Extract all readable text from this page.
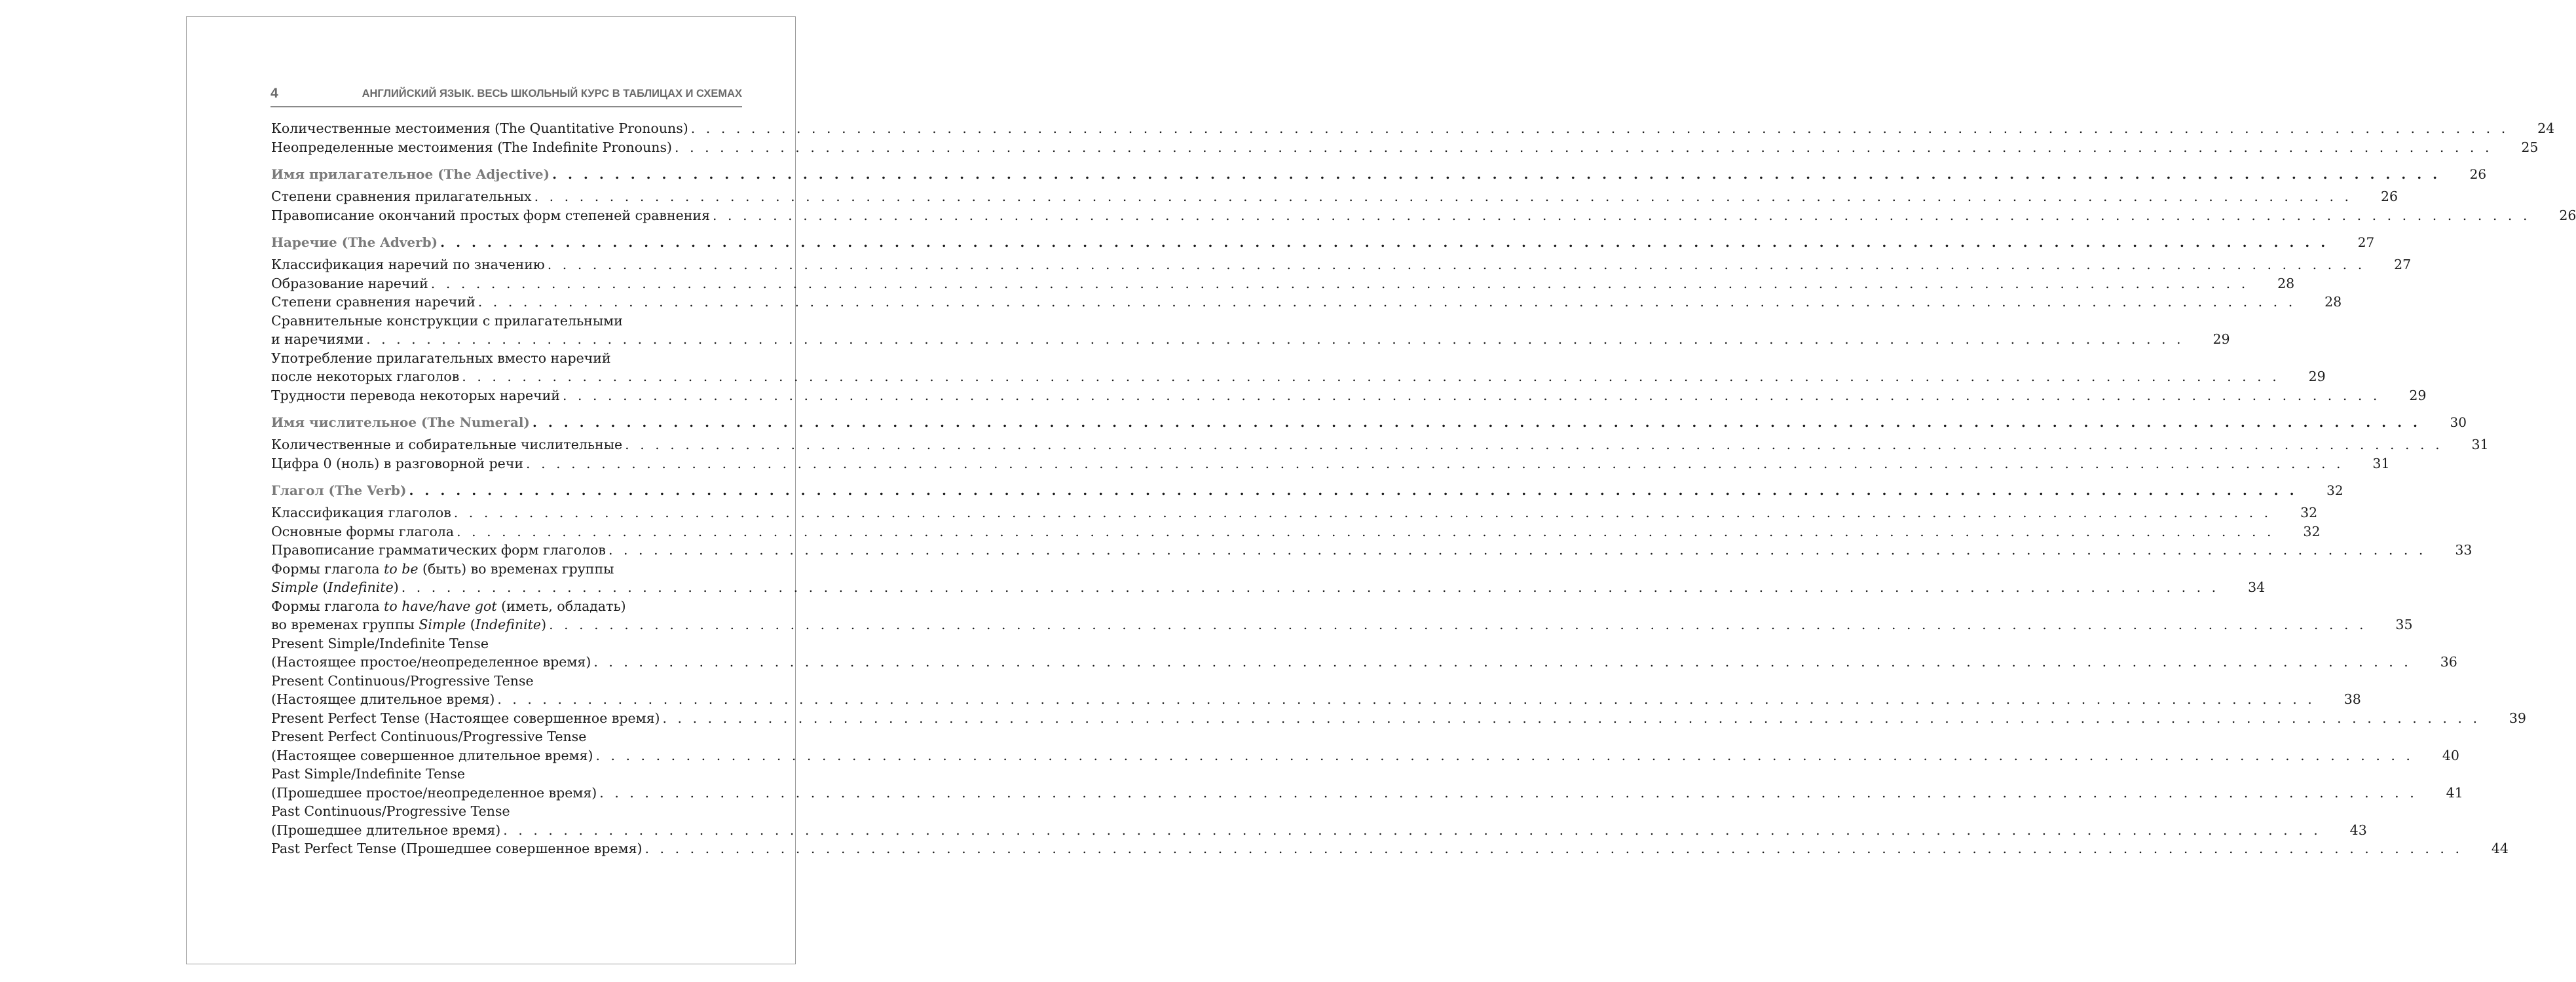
4	АНГЛИЙСКИЙ ЯЗЫК. ВЕСЬ ШКОЛЬНЫЙ КУРС В ТАБЛИЦАХ И СХЕМАХ
Количественные местоимения (The Quantitative Pronouns) . . .	24
Неопределенные местоимения (The Indefinite Pronouns) . . .	25
Имя прилагательное (The Adjective) . . .	26
Степени сравнения прилагательных . . .	26
Правописание окончаний простых форм степеней сравнения . . .	26
Наречие (The Adverb) . . .	27
Классификация наречий по значению . . .	27
Образование наречий . . .	28
Степени сравнения наречий . . .	28
Сравнительные конструкции с прилагательными
и наречиями . . .	29
Употребление прилагательных вместо наречий
после некоторых глаголов . . .	29
Трудности перевода некоторых наречий . . .	29
Имя числительное (The Numeral) . . .	30
Количественные и собирательные числительные . . .	31
Цифра 0 (ноль) в разговорной речи . . .	31
Глагол (The Verb) . . .	32
Классификация глаголов . . .	32
Основные формы глагола . . .	32
Правописание грамматических форм глаголов . . .	33
Формы глагола to be (быть) во временах группы
Simple (Indefinite) . . .	34
Формы глагола to have/have got (иметь, обладать)
во временах группы Simple (Indefinite) . . .	35
Present Simple/Indefinite Tense
(Настоящее простое/неопределенное время) . . .	36
Present Continuous/Progressive Tense
(Настоящее длительное время) . . .	38
Present Perfect Tense (Настоящее совершенное время) . . .	39
Present Perfect Continuous/Progressive Tense
(Настоящее совершенное длительное время) . . .	40
Past Simple/Indefinite Tense
(Прошедшее простое/неопределенное время) . . .	41
Past Continuous/Progressive Tense
(Прошедшее длительное время) . . .	43
Past Perfect Tense (Прошедшее совершенное время) . . .	44
